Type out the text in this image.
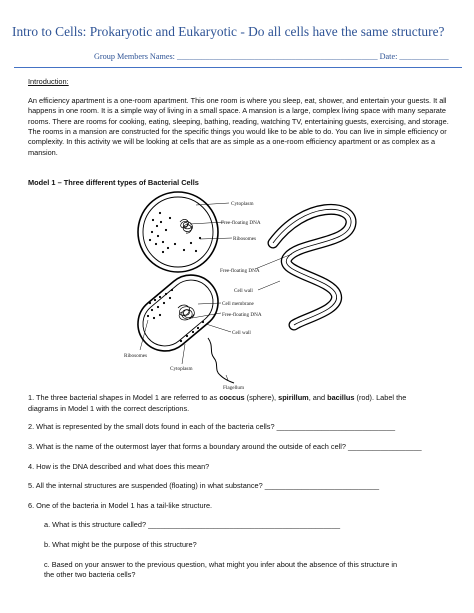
Intro to Cells: Prokaryotic and Eukaryotic - Do all cells have the same structure?
Group Members Names: _________________________________________________ Date: ____________
Introduction:
An efficiency apartment is a one-room apartment. This one room is where you sleep, eat, shower, and entertain your guests. It all happens in one room. It is a simple way of living in a small space. A mansion is a large, complex living space with many separate rooms. There are rooms for cooking, eating, sleeping, bathing, reading, watching TV, entertaining guests, exercising, and storage. The rooms in a mansion are constructed for the specific things you would like to be able to do. You can live in simple efficiency or complexity. In this activity we will be looking at cells that are as simple as a one-room efficiency apartment or as complex as a mansion.
Model 1 – Three different types of Bacterial Cells
Cytoplasm
Free-floating DNA
Ribosomes
Free-floating DNA
Cell wall
Cell membrane
Free-floating DNA
Cell wall
Ribosomes
Cytoplasm
Flagellum
1. The three bacterial shapes in Model 1 are referred to as coccus (sphere), spirillum, and bacillus (rod). Label the
diagrams in Model 1 with the correct descriptions.
2. What is represented by the small dots found in each of the bacteria cells? _____________________________
3. What is the name of the outermost layer that forms a boundary around the outside of each cell? __________________
4. How is the DNA described and what does this mean?
5. All the internal structures are suspended (floating) in what substance? ____________________________
6. One of the bacteria in Model 1 has a tail-like structure.
a. What is this structure called? _______________________________________________
b. What might be the purpose of this structure?
c. Based on your answer to the previous question, what might you infer about the absence of this structure in
the other two bacteria cells?
